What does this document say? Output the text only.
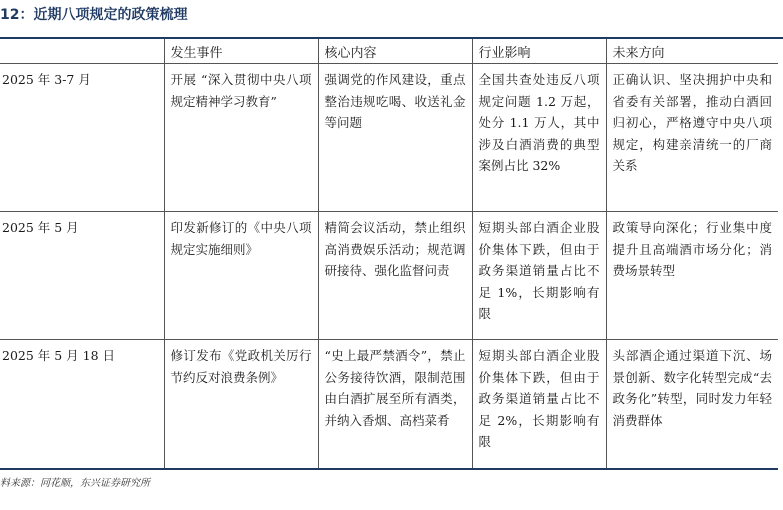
12：近期八项规定的政策梳理
	发生事件	核心内容	行业影响	未来方向
2025 年 3-7 月	开展 “深入贯彻中央八项规定精神学习教育”	强调党的作风建设，重点整治违规吃喝、收送礼金等问题	全国共查处违反八项规定问题 1.2 万起，处分 1.1 万人，其中涉及白酒消费的典型案例占比 32%	正确认识、坚决拥护中央和省委有关部署，推动白酒回归初心，严格遵守中央八项规定，构建亲清统一的厂商关系
2025 年 5 月	印发新修订的《中央八项规定实施细则》	精简会议活动，禁止组织高消费娱乐活动；规范调研接待、强化监督问责	短期头部白酒企业股价集体下跌，但由于政务渠道销量占比不足 1%，长期影响有限	政策导向深化；行业集中度提升且高端酒市场分化；消费场景转型
2025 年 5 月 18 日	修订发布《党政机关厉行节约反对浪费条例》	“史上最严禁酒令”，禁止公务接待饮酒，限制范围由白酒扩展至所有酒类，并纳入香烟、高档菜肴	短期头部白酒企业股价集体下跌，但由于政务渠道销量占比不足 2%，长期影响有限	头部酒企通过渠道下沉、场景创新、数字化转型完成“去政务化”转型，同时发力年轻消费群体
料来源：同花顺，东兴证券研究所
